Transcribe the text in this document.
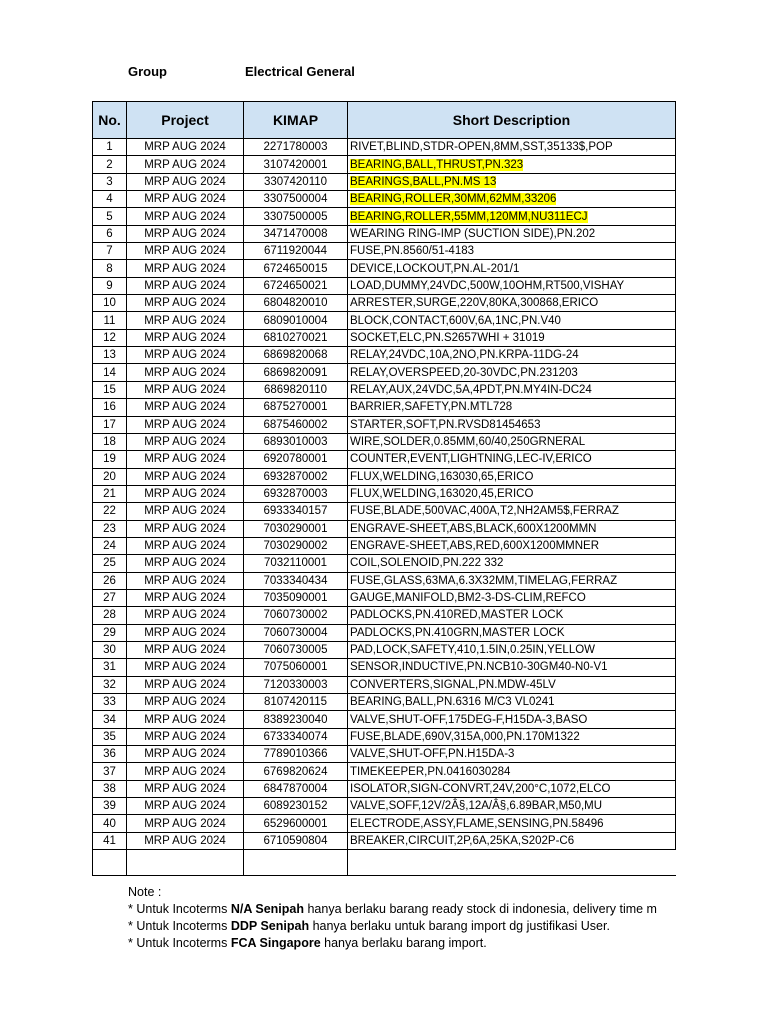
Group	Electrical General
No.	Project	KIMAP	Short Description
1	MRP AUG 2024	2271780003	RIVET,BLIND,STDR-OPEN,8MM,SST,35133$,POP
2	MRP AUG 2024	3107420001	BEARING,BALL,THRUST,PN.323
3	MRP AUG 2024	3307420110	BEARINGS,BALL,PN.MS 13
4	MRP AUG 2024	3307500004	BEARING,ROLLER,30MM,62MM,33206
5	MRP AUG 2024	3307500005	BEARING,ROLLER,55MM,120MM,NU311ECJ
6	MRP AUG 2024	3471470008	WEARING RING-IMP (SUCTION SIDE),PN.202
7	MRP AUG 2024	6711920044	FUSE,PN.8560/51-4183
8	MRP AUG 2024	6724650015	DEVICE,LOCKOUT,PN.AL-201/1
9	MRP AUG 2024	6724650021	LOAD,DUMMY,24VDC,500W,10OHM,RT500,VISHAY
10	MRP AUG 2024	6804820010	ARRESTER,SURGE,220V,80KA,300868,ERICO
11	MRP AUG 2024	6809010004	BLOCK,CONTACT,600V,6A,1NC,PN.V40
12	MRP AUG 2024	6810270021	SOCKET,ELC,PN.S2657WHI + 31019
13	MRP AUG 2024	6869820068	RELAY,24VDC,10A,2NO,PN.KRPA-11DG-24
14	MRP AUG 2024	6869820091	RELAY,OVERSPEED,20-30VDC,PN.231203
15	MRP AUG 2024	6869820110	RELAY,AUX,24VDC,5A,4PDT,PN.MY4IN-DC24
16	MRP AUG 2024	6875270001	BARRIER,SAFETY,PN.MTL728
17	MRP AUG 2024	6875460002	STARTER,SOFT,PN.RVSD81454653
18	MRP AUG 2024	6893010003	WIRE,SOLDER,0.85MM,60/40,250GRNERAL
19	MRP AUG 2024	6920780001	COUNTER,EVENT,LIGHTNING,LEC-IV,ERICO
20	MRP AUG 2024	6932870002	FLUX,WELDING,163030,65,ERICO
21	MRP AUG 2024	6932870003	FLUX,WELDING,163020,45,ERICO
22	MRP AUG 2024	6933340157	FUSE,BLADE,500VAC,400A,T2,NH2AM5$,FERRAZ
23	MRP AUG 2024	7030290001	ENGRAVE-SHEET,ABS,BLACK,600X1200MMN
24	MRP AUG 2024	7030290002	ENGRAVE-SHEET,ABS,RED,600X1200MMNER
25	MRP AUG 2024	7032110001	COIL,SOLENOID,PN.222 332
26	MRP AUG 2024	7033340434	FUSE,GLASS,63MA,6.3X32MM,TIMELAG,FERRAZ
27	MRP AUG 2024	7035090001	GAUGE,MANIFOLD,BM2-3-DS-CLIM,REFCO
28	MRP AUG 2024	7060730002	PADLOCKS,PN.410RED,MASTER LOCK
29	MRP AUG 2024	7060730004	PADLOCKS,PN.410GRN,MASTER LOCK
30	MRP AUG 2024	7060730005	PAD,LOCK,SAFETY,410,1.5IN,0.25IN,YELLOW
31	MRP AUG 2024	7075060001	SENSOR,INDUCTIVE,PN.NCB10-30GM40-N0-V1
32	MRP AUG 2024	7120330003	CONVERTERS,SIGNAL,PN.MDW-45LV
33	MRP AUG 2024	8107420115	BEARING,BALL,PN.6316 M/C3 VL0241
34	MRP AUG 2024	8389230040	VALVE,SHUT-OFF,175DEG-F,H15DA-3,BASO
35	MRP AUG 2024	6733340074	FUSE,BLADE,690V,315A,000,PN.170M1322
36	MRP AUG 2024	7789010366	VALVE,SHUT-OFF,PN.H15DA-3
37	MRP AUG 2024	6769820624	TIMEKEEPER,PN.0416030284
38	MRP AUG 2024	6847870004	ISOLATOR,SIGN-CONVRT,24V,200°C,1072,ELCO
39	MRP AUG 2024	6089230152	VALVE,SOFF,12V/2Â§,12A/Â§,6.89BAR,M50,MU
40	MRP AUG 2024	6529600001	ELECTRODE,ASSY,FLAME,SENSING,PN.58496
41	MRP AUG 2024	6710590804	BREAKER,CIRCUIT,2P,6A,25KA,S202P-C6

Note :
* Untuk Incoterms N/A Senipah hanya berlaku barang ready stock di indonesia, delivery time m
* Untuk Incoterms DDP Senipah hanya berlaku untuk barang import dg justifikasi User.
* Untuk Incoterms FCA Singapore hanya berlaku barang import.
